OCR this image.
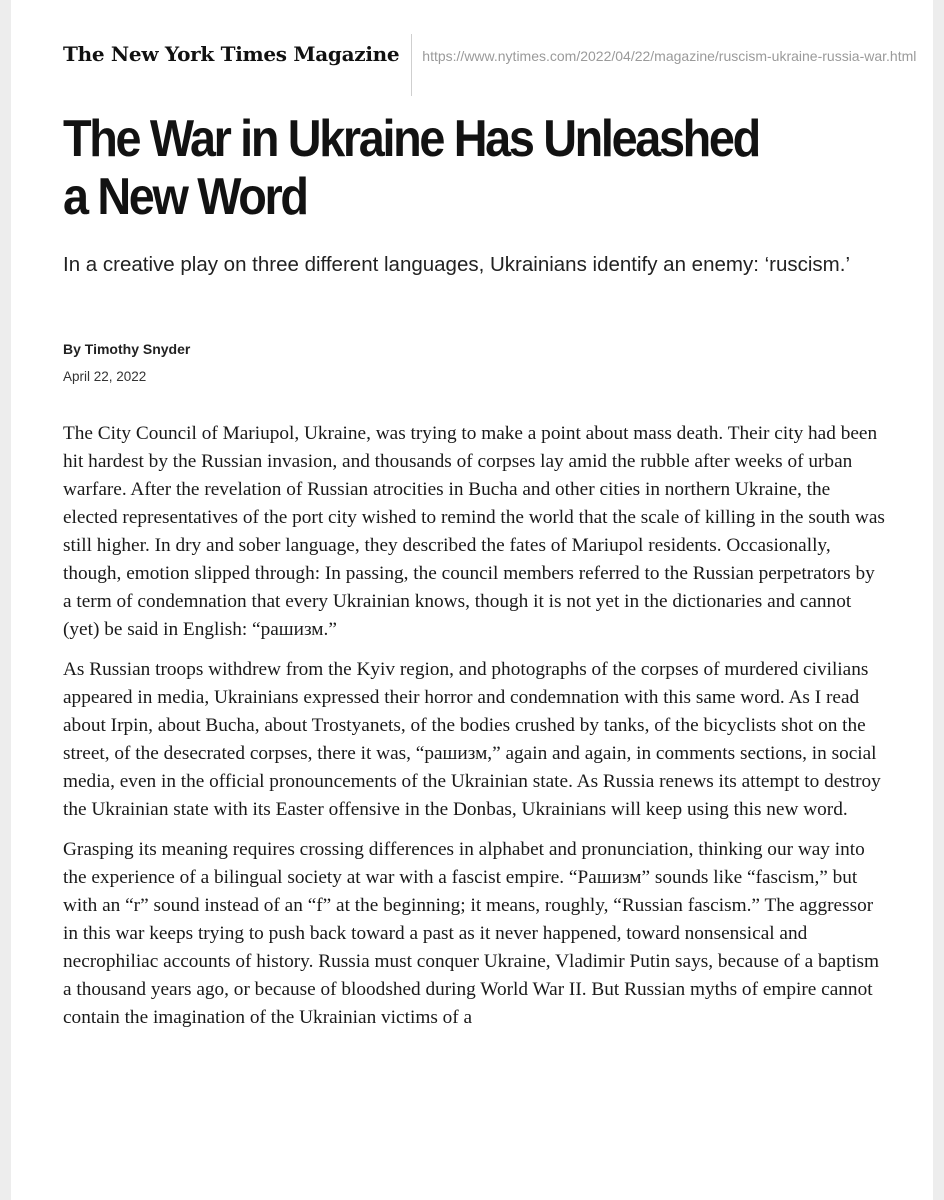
The New York Times Magazine https://www.nytimes.com/2022/04/22/magazine/ruscism-ukraine-russia-war.html
The War in Ukraine Has Unleashed a New Word

In a creative play on three different languages, Ukrainians identify an enemy: ‘ruscism.’

By Timothy Snyder
April 22, 2022

The City Council of Mariupol, Ukraine, was trying to make a point about mass death. Their city had been hit hardest by the Russian invasion, and thousands of corpses lay amid the rubble after weeks of urban warfare. After the revelation of Russian atrocities in Bucha and other cities in northern Ukraine, the elected representatives of the port city wished to remind the world that the scale of killing in the south was still higher. In dry and sober language, they described the fates of Mariupol residents. Occasionally, though, emotion slipped through: In passing, the council members referred to the Russian perpetrators by a term of condemnation that every Ukrainian knows, though it is not yet in the dictionaries and cannot (yet) be said in English: “рашизм.”

As Russian troops withdrew from the Kyiv region, and photographs of the corpses of murdered civilians appeared in media, Ukrainians expressed their horror and condemnation with this same word. As I read about Irpin, about Bucha, about Trostyanets, of the bodies crushed by tanks, of the bicyclists shot on the street, of the desecrated corpses, there it was, “рашизм,” again and again, in comments sections, in social media, even in the official pronouncements of the Ukrainian state. As Russia renews its attempt to destroy the Ukrainian state with its Easter offensive in the Donbas, Ukrainians will keep using this new word.

Grasping its meaning requires crossing differences in alphabet and pronunciation, thinking our way into the experience of a bilingual society at war with a fascist empire. “Рашизм” sounds like “fascism,” but with an “r” sound instead of an “f” at the beginning; it means, roughly, “Russian fascism.” The aggressor in this war keeps trying to push back toward a past as it never happened, toward nonsensical and necrophiliac accounts of history. Russia must conquer Ukraine, Vladimir Putin says, because of a baptism a thousand years ago, or because of bloodshed during World War II. But Russian myths of empire cannot contain the imagination of the Ukrainian victims of a
